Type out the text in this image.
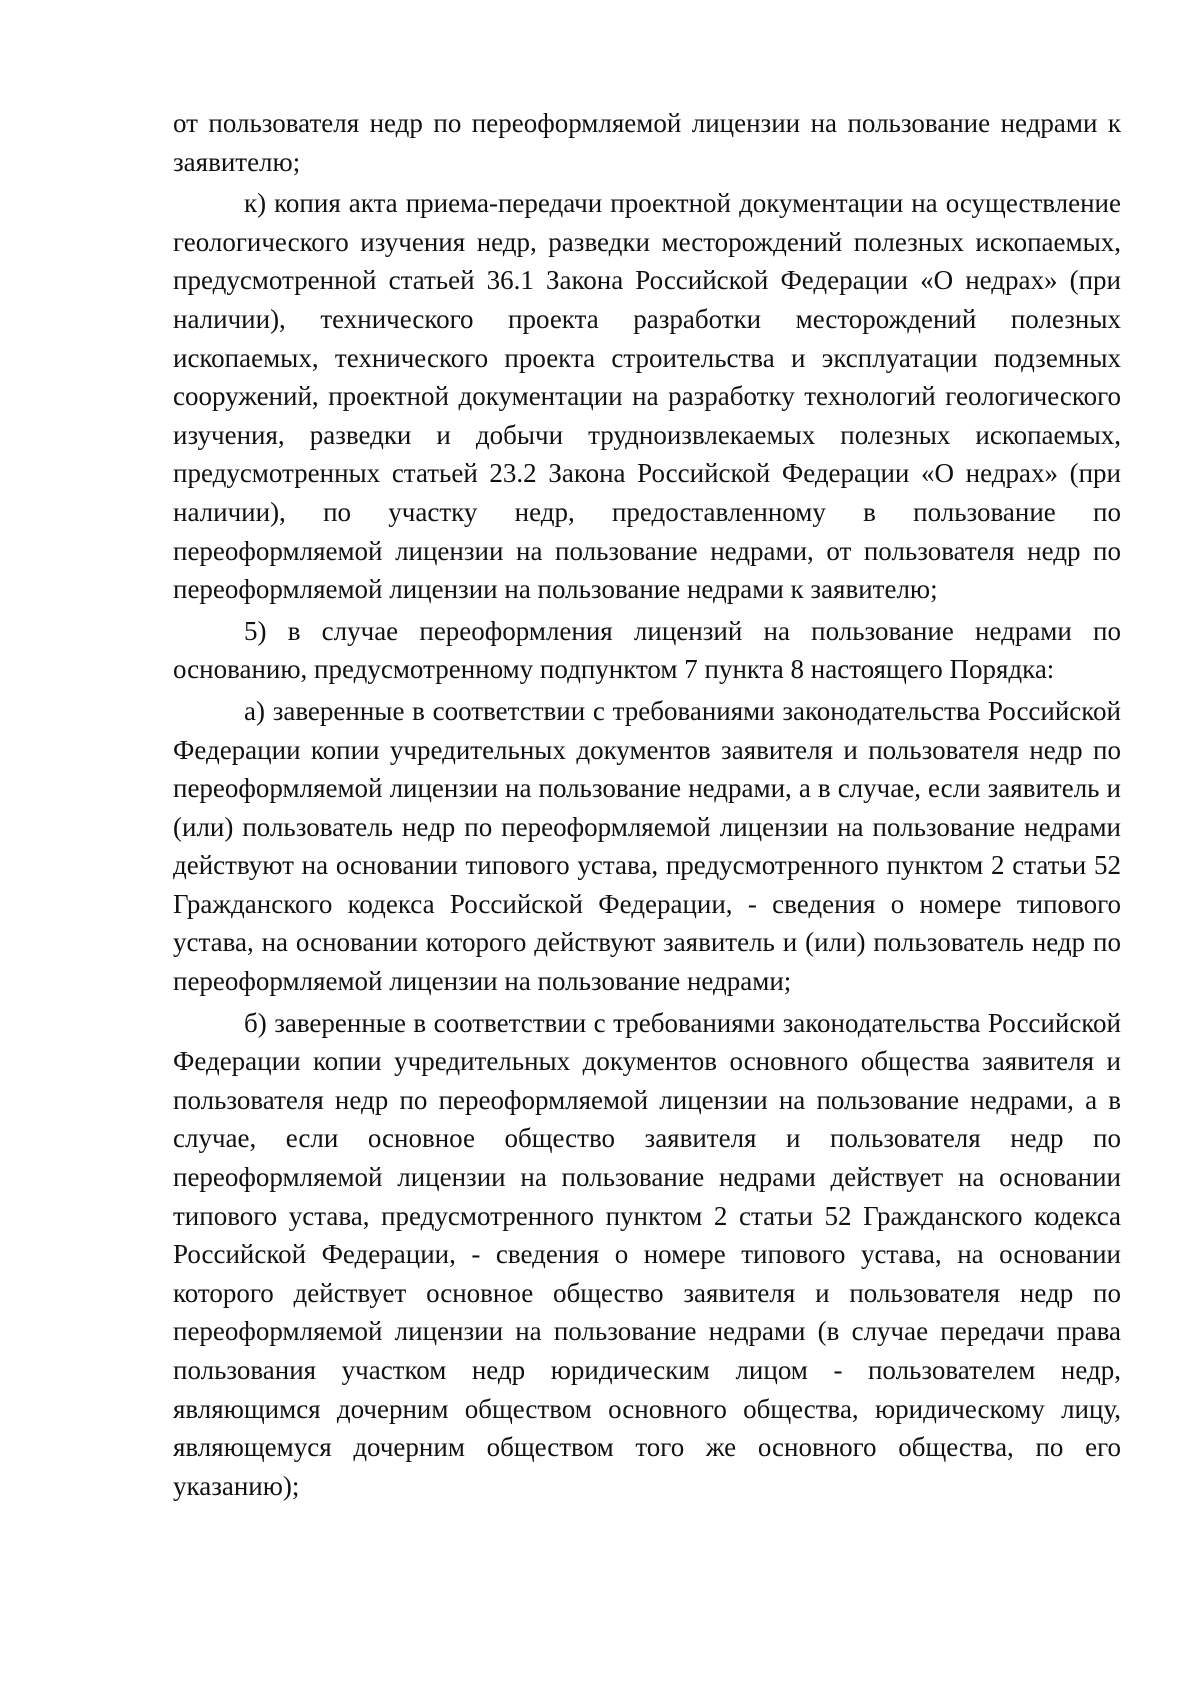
от пользователя недр по переоформляемой лицензии на пользование недрами к заявителю;

к) копия акта приема-передачи проектной документации на осуществление геологического изучения недр, разведки месторождений полезных ископаемых, предусмотренной статьей 36.1 Закона Российской Федерации «О недрах» (при наличии), технического проекта разработки месторождений полезных ископаемых, технического проекта строительства и эксплуатации подземных сооружений, проектной документации на разработку технологий геологического изучения, разведки и добычи трудноизвлекаемых полезных ископаемых, предусмотренных статьей 23.2 Закона Российской Федерации «О недрах» (при наличии), по участку недр, предоставленному в пользование по переоформляемой лицензии на пользование недрами, от пользователя недр по переоформляемой лицензии на пользование недрами к заявителю;

5) в случае переоформления лицензий на пользование недрами по основанию, предусмотренному подпунктом 7 пункта 8 настоящего Порядка:

а) заверенные в соответствии с требованиями законодательства Российской Федерации копии учредительных документов заявителя и пользователя недр по переоформляемой лицензии на пользование недрами, а в случае, если заявитель и (или) пользователь недр по переоформляемой лицензии на пользование недрами действуют на основании типового устава, предусмотренного пунктом 2 статьи 52 Гражданского кодекса Российской Федерации, - сведения о номере типового устава, на основании которого действуют заявитель и (или) пользователь недр по переоформляемой лицензии на пользование недрами;

б) заверенные в соответствии с требованиями законодательства Российской Федерации копии учредительных документов основного общества заявителя и пользователя недр по переоформляемой лицензии на пользование недрами, а в случае, если основное общество заявителя и пользователя недр по переоформляемой лицензии на пользование недрами действует на основании типового устава, предусмотренного пунктом 2 статьи 52 Гражданского кодекса Российской Федерации, - сведения о номере типового устава, на основании которого действует основное общество заявителя и пользователя недр по переоформляемой лицензии на пользование недрами (в случае передачи права пользования участком недр юридическим лицом - пользователем недр, являющимся дочерним обществом основного общества, юридическому лицу, являющемуся дочерним обществом того же основного общества, по его указанию);
